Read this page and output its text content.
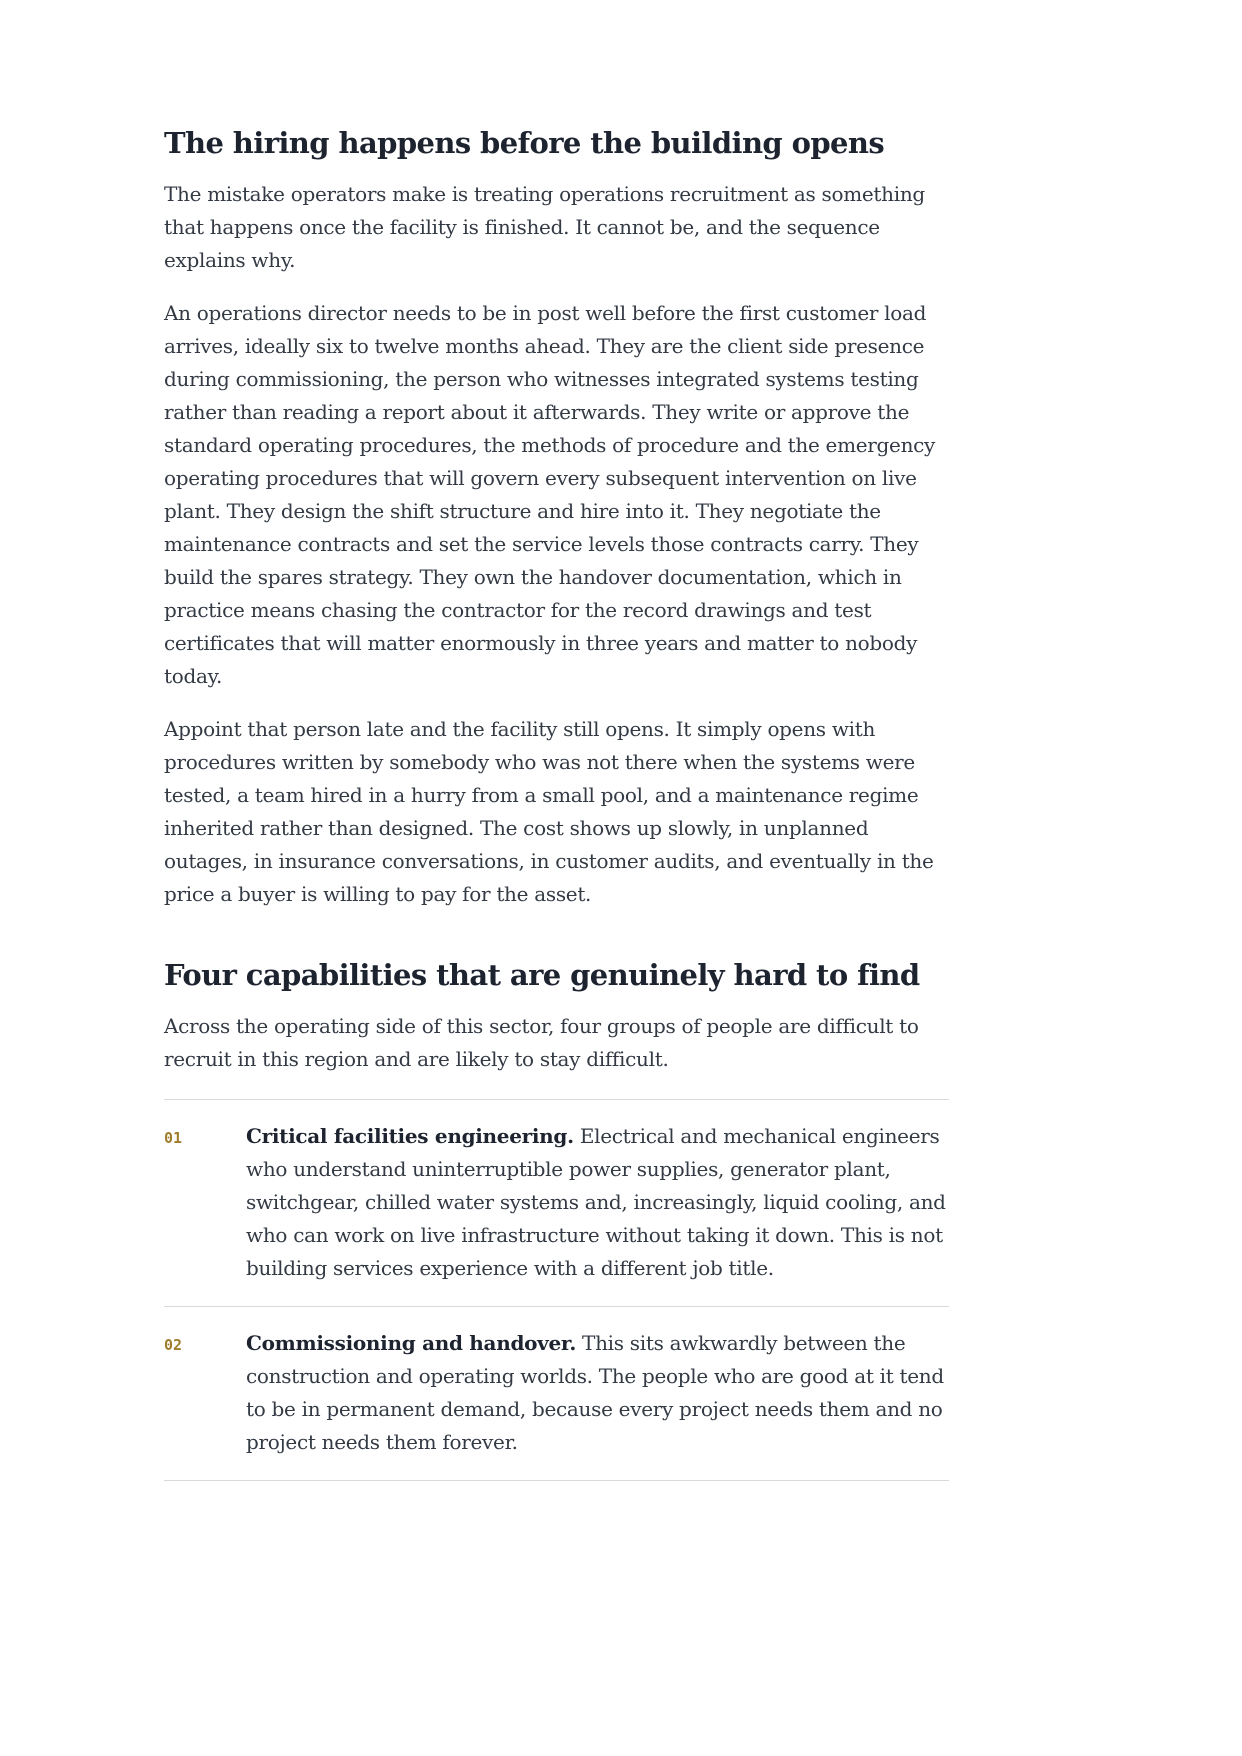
The hiring happens before the building opens

The mistake operators make is treating operations recruitment as something that happens once the facility is finished. It cannot be, and the sequence explains why.

An operations director needs to be in post well before the first customer load arrives, ideally six to twelve months ahead. They are the client side presence during commissioning, the person who witnesses integrated systems testing rather than reading a report about it afterwards. They write or approve the standard operating procedures, the methods of procedure and the emergency operating procedures that will govern every subsequent intervention on live plant. They design the shift structure and hire into it. They negotiate the maintenance contracts and set the service levels those contracts carry. They build the spares strategy. They own the handover documentation, which in practice means chasing the contractor for the record drawings and test certificates that will matter enormously in three years and matter to nobody today.

Appoint that person late and the facility still opens. It simply opens with procedures written by somebody who was not there when the systems were tested, a team hired in a hurry from a small pool, and a maintenance regime inherited rather than designed. The cost shows up slowly, in unplanned outages, in insurance conversations, in customer audits, and eventually in the price a buyer is willing to pay for the asset.

Four capabilities that are genuinely hard to find

Across the operating side of this sector, four groups of people are difficult to recruit in this region and are likely to stay difficult.

01	Critical facilities engineering. Electrical and mechanical engineers who understand uninterruptible power supplies, generator plant, switchgear, chilled water systems and, increasingly, liquid cooling, and who can work on live infrastructure without taking it down. This is not building services experience with a different job title.
02	Commissioning and handover. This sits awkwardly between the construction and operating worlds. The people who are good at it tend to be in permanent demand, because every project needs them and no project needs them forever.
